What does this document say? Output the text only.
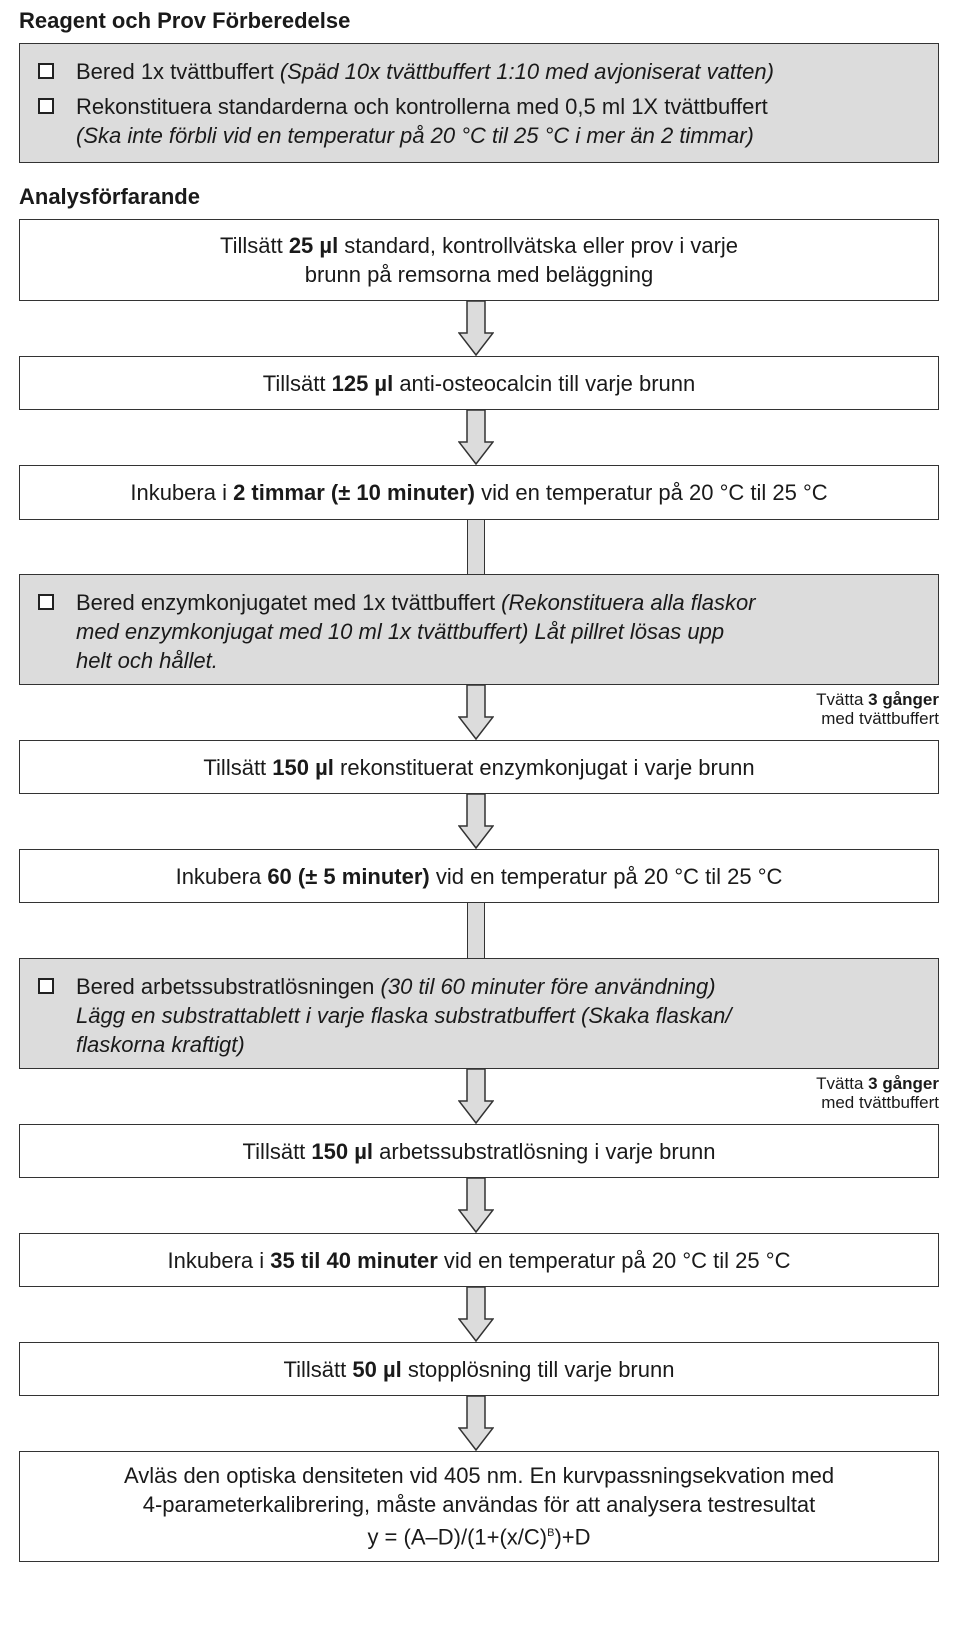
Reagent och Prov Förberedelse
Bered 1x tvättbuffert (Späd 10x tvättbuffert 1:10 med avjoniserat vatten)
Rekonstituera standarderna och kontrollerna med 0,5 ml 1X tvättbuffert
(Ska inte förbli vid en temperatur på 20 °C til 25 °C i mer än 2 timmar)
Analysförfarande
Tillsätt 25 µl standard, kontrollvätska eller prov i varje
brunn på remsorna med beläggning
Tillsätt 125 µl anti-osteocalcin till varje brunn
Inkubera i 2 timmar (± 10 minuter) vid en temperatur på 20 °C til 25 °C
Bered enzymkonjugatet med 1x tvättbuffert (Rekonstituera alla flaskor
med enzymkonjugat med 10 ml 1x tvättbuffert) Låt pillret lösas upp
helt och hållet.
Tvätta 3 gånger
med tvättbuffert
Tillsätt 150 µl rekonstituerat enzymkonjugat i varje brunn
Inkubera 60 (± 5 minuter) vid en temperatur på 20 °C til 25 °C
Bered arbetssubstratlösningen (30 til 60 minuter före användning)
Lägg en substrattablett i varje flaska substratbuffert (Skaka flaskan/
flaskorna kraftigt)
Tvätta 3 gånger
med tvättbuffert
Tillsätt 150 µl arbetssubstratlösning i varje brunn
Inkubera i 35 til 40 minuter vid en temperatur på 20 °C til 25 °C
Tillsätt 50 µl stopplösning till varje brunn
Avläs den optiska densiteten vid 405 nm. En kurvpassningsekvation med
4-parameterkalibrering, måste användas för att analysera testresultat
$y = (A-D)/(1+(x/C)^B)+D$
